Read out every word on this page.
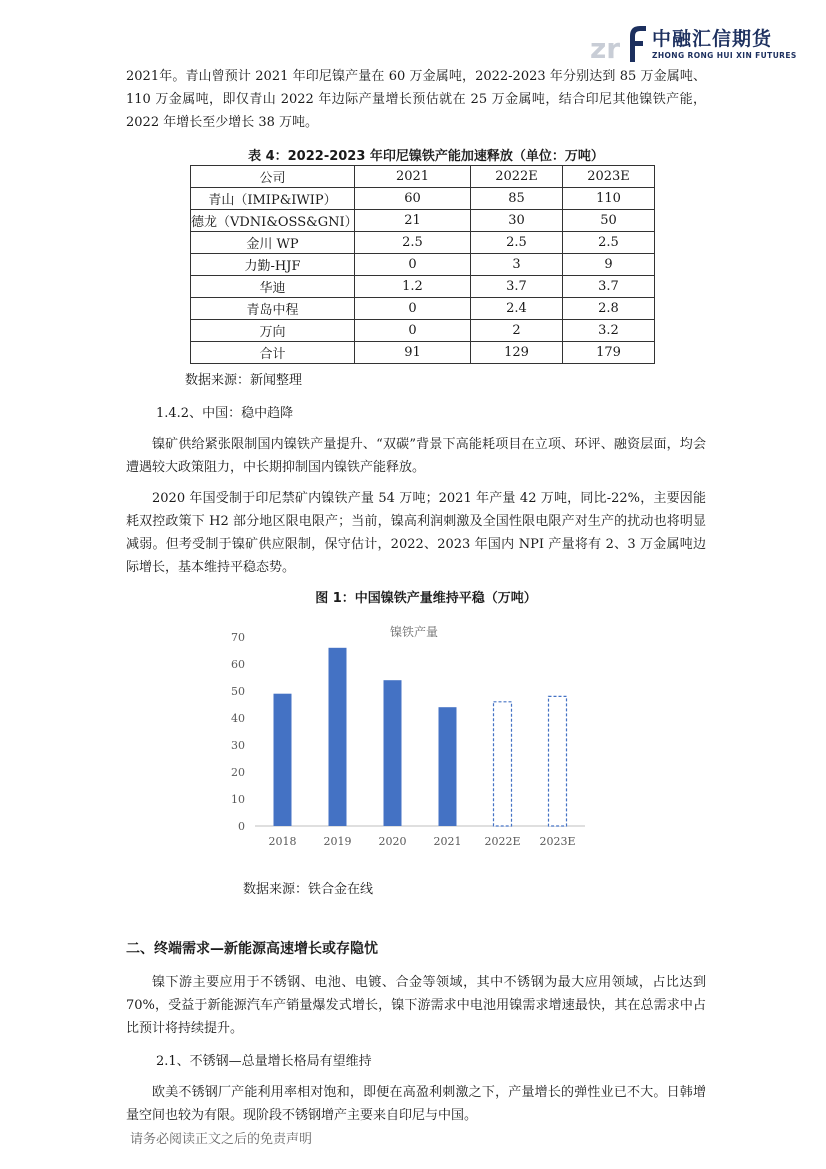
zr 中融汇信期货
ZHONG RONG HUI XIN FUTURES

2021年。青山曾预计 2021 年印尼镍产量在 60 万金属吨，2022-2023 年分别达到 85 万金属吨、110 万金属吨，即仅青山 2022 年边际产量增长预估就在 25 万金属吨，结合印尼其他镍铁产能， 2022 年增长至少增长 38 万吨。

表 4：2022-2023 年印尼镍铁产能加速释放（单位：万吨）

公司	2021	2022E	2023E
青山（IMIP&IWIP）	60	85	110
德龙（VDNI&OSS&GNI）	21	30	50
金川 WP	2.5	2.5	2.5
力勤-HJF	0	3	9
华迪	1.2	3.7	3.7
青岛中程	0	2.4	2.8
万向	0	2	3.2
合计	91	129	179

数据来源：新闻整理

1.4.2、中国：稳中趋降

镍矿供给紧张限制国内镍铁产量提升、“双碳”背景下高能耗项目在立项、环评、融资层面，均会遭遇较大政策阻力，中长期抑制国内镍铁产能释放。

2020 年国受制于印尼禁矿内镍铁产量 54 万吨；2021 年产量 42 万吨，同比-22%，主要因能耗双控政策下 H2 部分地区限电限产；当前，镍高利润刺激及全国性限电限产对生产的扰动也将明显减弱。但考受制于镍矿供应限制，保守估计，2022、2023 年国内 NPI 产量将有 2、3 万金属吨边际增长，基本维持平稳态势。

图 1：中国镍铁产量维持平稳（万吨）

镍铁产量
0
10
20
30
40
50
60
70
2018 2019 2020 2021 2022E 2023E

数据来源：铁合金在线

二、终端需求—新能源高速增长或存隐忧

镍下游主要应用于不锈钢、电池、电镀、合金等领域，其中不锈钢为最大应用领域，占比达到 70%，受益于新能源汽车产销量爆发式增长，镍下游需求中电池用镍需求增速最快，其在总需求中占比预计将持续提升。

2.1、不锈钢—总量增长格局有望维持

欧美不锈钢厂产能利用率相对饱和，即便在高盈利刺激之下，产量增长的弹性业已不大。日韩增量空间也较为有限。现阶段不锈钢增产主要来自印尼与中国。

请务必阅读正文之后的免责声明
